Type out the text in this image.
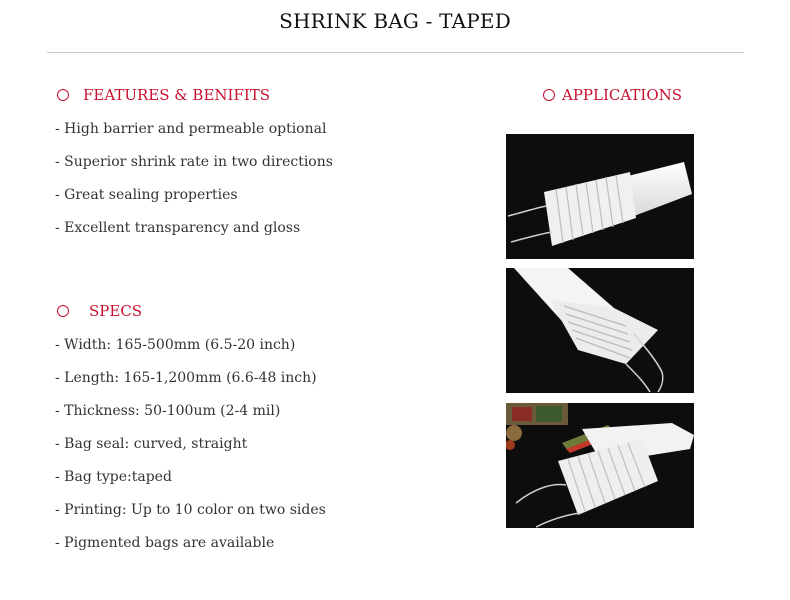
SHRINK BAG - TAPED
FEATURES & BENIFITS
- High barrier and permeable optional
- Superior shrink rate in two directions
- Great sealing properties
- Excellent transparency and gloss
SPECS
- Width: 165-500mm (6.5-20 inch)
- Length: 165-1,200mm (6.6-48 inch)
- Thickness: 50-100um (2-4 mil)
- Bag seal: curved, straight
- Bag type:taped
- Printing: Up to 10 color on two sides
- Pigmented bags are available
APPLICATIONS
